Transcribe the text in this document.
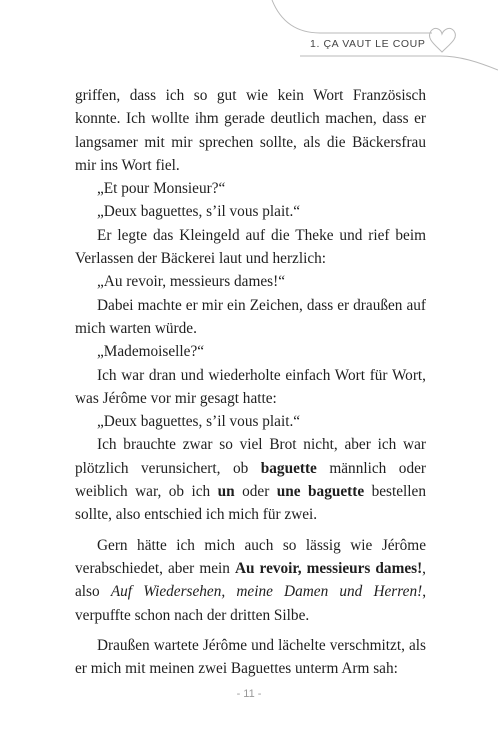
1. ÇA VAUT LE COUP

griffen, dass ich so gut wie kein Wort Französisch konnte. Ich wollte ihm gerade deutlich machen, dass er langsamer mit mir sprechen sollte, als die Bäckersfrau mir ins Wort fiel.

„Et pour Monsieur?“

„Deux baguettes, s’il vous plait.“

Er legte das Kleingeld auf die Theke und rief beim Verlassen der Bäckerei laut und herzlich:

„Au revoir, messieurs dames!“

Dabei machte er mir ein Zeichen, dass er draußen auf mich warten würde.

„Mademoiselle?“

Ich war dran und wiederholte einfach Wort für Wort, was Jérôme vor mir gesagt hatte:

„Deux baguettes, s’il vous plait.“

Ich brauchte zwar so viel Brot nicht, aber ich war plötzlich verunsichert, ob baguette männlich oder weiblich war, ob ich un oder une baguette bestellen sollte, also entschied ich mich für zwei.

Gern hätte ich mich auch so lässig wie Jérôme verabschiedet, aber mein Au revoir, messieurs dames!, also Auf Wiedersehen, meine Damen und Herren!, verpuffte schon nach der dritten Silbe.

Draußen wartete Jérôme und lächelte verschmitzt, als er mich mit meinen zwei Baguettes unterm Arm sah:

- 11 -
